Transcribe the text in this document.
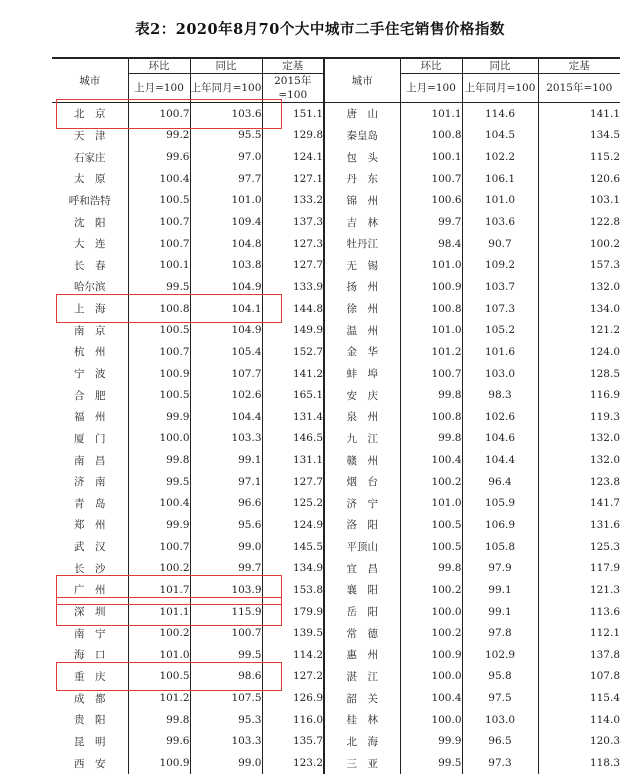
表2：2020年8月70个大中城市二手住宅销售价格指数
城市	环比	同比	定基	城市	环比	同比	定基
	上月=100	上年同月=100	2015年=100		上月=100	上年同月=100	2015年=100
北　京	100.7	103.6	151.1	唐　山	101.1	114.6	141.1
天　津	99.2	95.5	129.8	秦皇岛	100.8	104.5	134.5
石家庄	99.6	97.0	124.1	包　头	100.1	102.2	115.2
太　原	100.4	97.7	127.1	丹　东	100.7	106.1	120.6
呼和浩特	100.5	101.0	133.2	锦　州	100.6	101.0	103.1
沈　阳	100.7	109.4	137.3	吉　林	99.7	103.6	122.8
大　连	100.7	104.8	127.3	牡丹江	98.4	90.7	100.2
长　春	100.1	103.8	127.7	无　锡	101.0	109.2	157.3
哈尔滨	99.5	104.9	133.9	扬　州	100.9	103.7	132.0
上　海	100.8	104.1	144.8	徐　州	100.8	107.3	134.0
南　京	100.5	104.9	149.9	温　州	101.0	105.2	121.2
杭　州	100.7	105.4	152.7	金　华	101.2	101.6	124.0
宁　波	100.9	107.7	141.2	蚌　埠	100.7	103.0	128.5
合　肥	100.5	102.6	165.1	安　庆	99.8	98.3	116.9
福　州	99.9	104.4	131.4	泉　州	100.8	102.6	119.3
厦　门	100.0	103.3	146.5	九　江	99.8	104.6	132.0
南　昌	99.8	99.1	131.1	赣　州	100.4	104.4	132.0
济　南	99.5	97.1	127.7	烟　台	100.2	96.4	123.8
青　岛	100.4	96.6	125.2	济　宁	101.0	105.9	141.7
郑　州	99.9	95.6	124.9	洛　阳	100.5	106.9	131.6
武　汉	100.7	99.0	145.5	平顶山	100.5	105.8	125.3
长　沙	100.2	99.7	134.9	宜　昌	99.8	97.9	117.9
广　州	101.7	103.9	153.8	襄　阳	100.2	99.1	121.3
深　圳	101.1	115.9	179.9	岳　阳	100.0	99.1	113.6
南　宁	100.2	100.7	139.5	常　德	100.2	97.8	112.1
海　口	101.0	99.5	114.2	惠　州	100.9	102.9	137.8
重　庆	100.5	98.6	127.2	湛　江	100.0	95.8	107.8
成　都	101.2	107.5	126.9	韶　关	100.4	97.5	115.4
贵　阳	99.8	95.3	116.0	桂　林	100.0	103.0	114.0
昆　明	99.6	103.3	135.7	北　海	99.9	96.5	120.3
西　安	100.9	99.0	123.2	三　亚	99.5	97.3	118.3
